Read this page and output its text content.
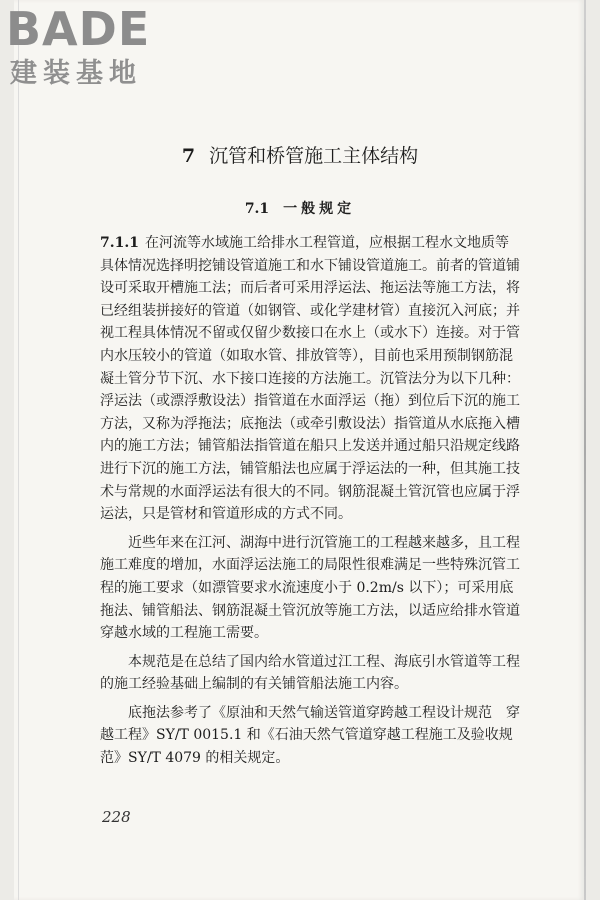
BADE
建装基地
7 沉管和桥管施工主体结构
7.1 一般规定

7.1.1 在河流等水域施工给排水工程管道，应根据工程水文地质等具体情况选择明挖铺设管道施工和水下铺设管道施工。前者的管道铺设可采取开槽施工法；而后者可采用浮运法、拖运法等施工方法，将已经组装拼接好的管道（如钢管、或化学建材管）直接沉入河底；并视工程具体情况不留或仅留少数接口在水上（或水下）连接。对于管内水压较小的管道（如取水管、排放管等），目前也采用预制钢筋混凝土管分节下沉、水下接口连接的方法施工。沉管法分为以下几种：浮运法（或漂浮敷设法）指管道在水面浮运（拖）到位后下沉的施工方法，又称为浮拖法；底拖法（或牵引敷设法）指管道从水底拖入槽内的施工方法；铺管船法指管道在船只上发送并通过船只沿规定线路进行下沉的施工方法，铺管船法也应属于浮运法的一种，但其施工技术与常规的水面浮运法有很大的不同。钢筋混凝土管沉管也应属于浮运法，只是管材和管道形成的方式不同。

近些年来在江河、湖海中进行沉管施工的工程越来越多，且工程施工难度的增加，水面浮运法施工的局限性很难满足一些特殊沉管工程的施工要求（如漂管要求水流速度小于 0.2m/s 以下）；可采用底拖法、铺管船法、钢筋混凝土管沉放等施工方法，以适应给排水管道穿越水域的工程施工需要。

本规范是在总结了国内给水管道过江工程、海底引水管道等工程的施工经验基础上编制的有关铺管船法施工内容。

底拖法参考了《原油和天然气输送管道穿跨越工程设计规范　穿越工程》SY/T 0015.1 和《石油天然气管道穿越工程施工及验收规范》SY/T 4079 的相关规定。

228
